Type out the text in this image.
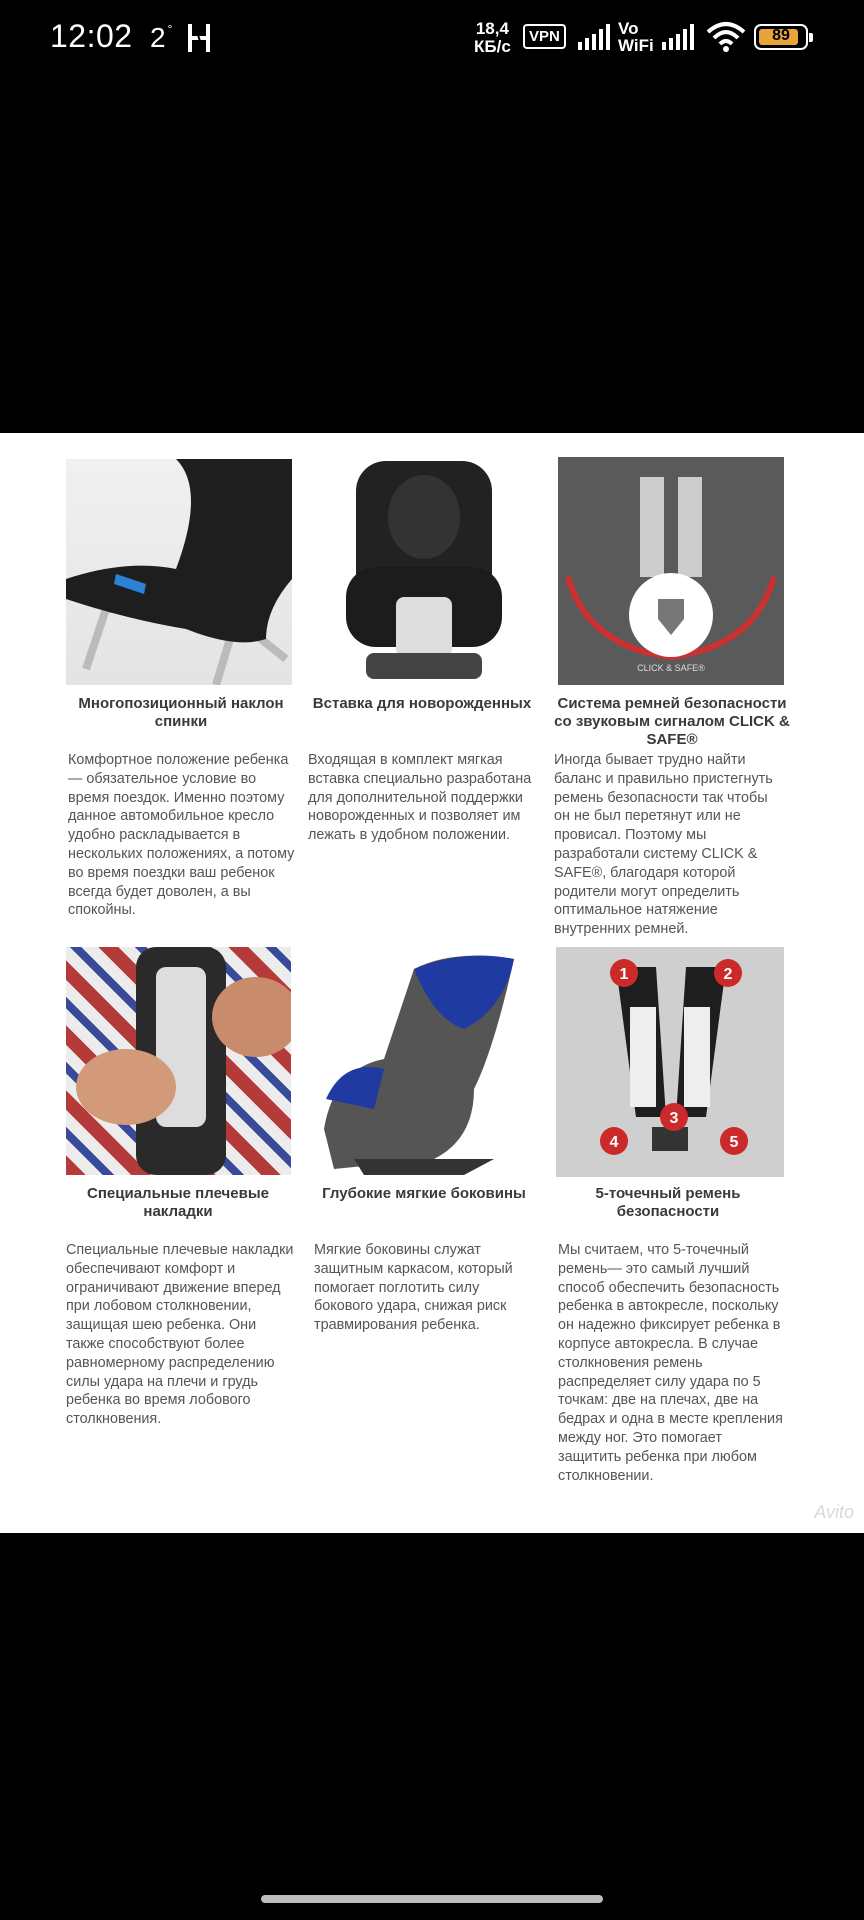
12:02 2 °	18,4
КБ/с
VPN	Vo
WiFi
89
Многопозиционный наклон спинки
Комфортное положение ребенка — обязательное условие во время поездок. Именно поэтому данное автомобильное кресло удобно раскладывается в нескольких положениях, а потому во время поездки ваш ребенок всегда будет доволен, а вы спокойны.
Вставка для новорожденных
Входящая в комплект мягкая вставка специально разработана для дополнительной поддержки новорожденных и позволяет им лежать в удобном положении.
CLICK & SAFE®
Система ремней безопасности со звуковым сигналом CLICK & SAFE®
Иногда бывает трудно найти баланс и правильно пристегнуть ремень безопасности так чтобы он не был перетянут или не провисал. Поэтому мы разработали систему CLICK & SAFE®, благодаря которой родители могут определить оптимальное натяжение внутренних ремней.
Специальные плечевые накладки
Специальные плечевые накладки обеспечивают комфорт и ограничивают движение вперед при лобовом столкновении, защищая шею ребенка. Они также способствуют более равномерному распределению силы удара на плечи и грудь ребенка во время лобового столкновения.
Глубокие мягкие боковины
Мягкие боковины служат защитным каркасом, который помогает поглотить силу бокового удара, снижая риск травмирования ребенка.
1	2
3
4	5
5-точечный ремень безопасности
Мы считаем, что 5-точечный ремень— это самый лучший способ обеспечить безопасность ребенка в автокресле, поскольку он надежно фиксирует ребенка в корпусе автокресла. В случае столкновения ремень распределяет силу удара по 5 точкам: две на плечах, две на бедрах и одна в месте крепления между ног. Это помогает защитить ребенка при любом столкновении.
Avito
